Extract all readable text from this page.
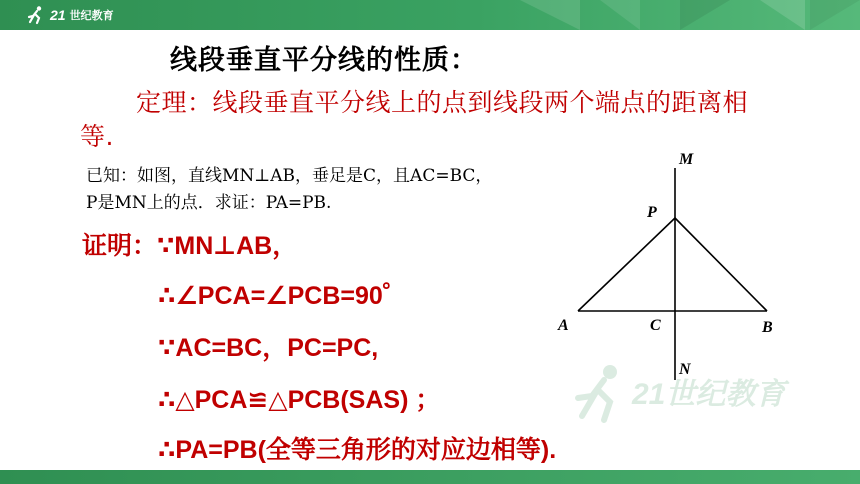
21 世纪教育
线段垂直平分线的性质：
定理：线段垂直平分线上的点到线段两个端点的距离相等.
已知：如图，直线MN⊥AB，垂足是C，且AC=BC，
P是MN上的点．求证：PA=PB.
证明：∵MN⊥AB，
∴∠PCA=∠PCB=90゜
∵AC=BC，PC=PC,
∴△PCA≌△PCB(SAS) ；
∴PA=PB(全等三角形的对应边相等).
M
P
A	C	B
N
21世纪教育
